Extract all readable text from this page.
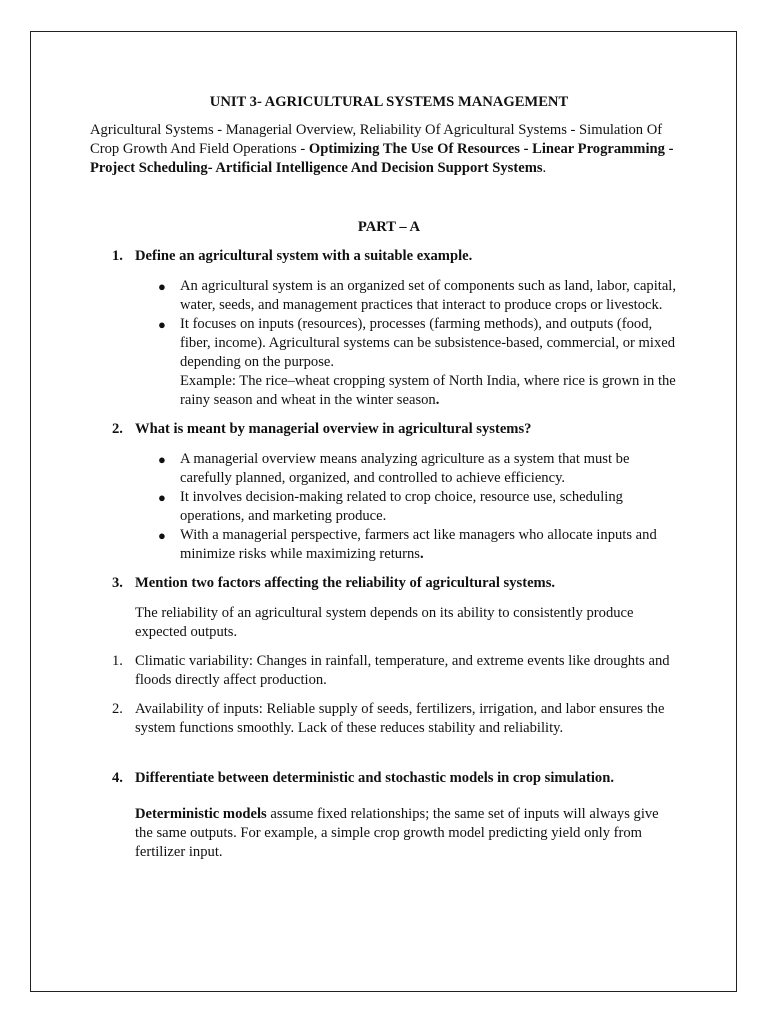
UNIT 3- AGRICULTURAL SYSTEMS MANAGEMENT

Agricultural Systems - Managerial Overview, Reliability Of Agricultural Systems - Simulation Of Crop Growth And Field Operations - Optimizing The Use Of Resources - Linear Programming - Project Scheduling- Artificial Intelligence And Decision Support Systems.

PART – A

1. Define an agricultural system with a suitable example.

● An agricultural system is an organized set of components such as land, labor, capital, water, seeds, and management practices that interact to produce crops or livestock.
● It focuses on inputs (resources), processes (farming methods), and outputs (food, fiber, income). Agricultural systems can be subsistence-based, commercial, or mixed depending on the purpose.
Example: The rice–wheat cropping system of North India, where rice is grown in the rainy season and wheat in the winter season.

2. What is meant by managerial overview in agricultural systems?

● A managerial overview means analyzing agriculture as a system that must be carefully planned, organized, and controlled to achieve efficiency.
● It involves decision-making related to crop choice, resource use, scheduling operations, and marketing produce.
● With a managerial perspective, farmers act like managers who allocate inputs and minimize risks while maximizing returns.

3. Mention two factors affecting the reliability of agricultural systems.

The reliability of an agricultural system depends on its ability to consistently produce expected outputs.

1. Climatic variability: Changes in rainfall, temperature, and extreme events like droughts and floods directly affect production.

2. Availability of inputs: Reliable supply of seeds, fertilizers, irrigation, and labor ensures the system functions smoothly. Lack of these reduces stability and reliability.

4. Differentiate between deterministic and stochastic models in crop simulation.

Deterministic models assume fixed relationships; the same set of inputs will always give the same outputs. For example, a simple crop growth model predicting yield only from fertilizer input.
